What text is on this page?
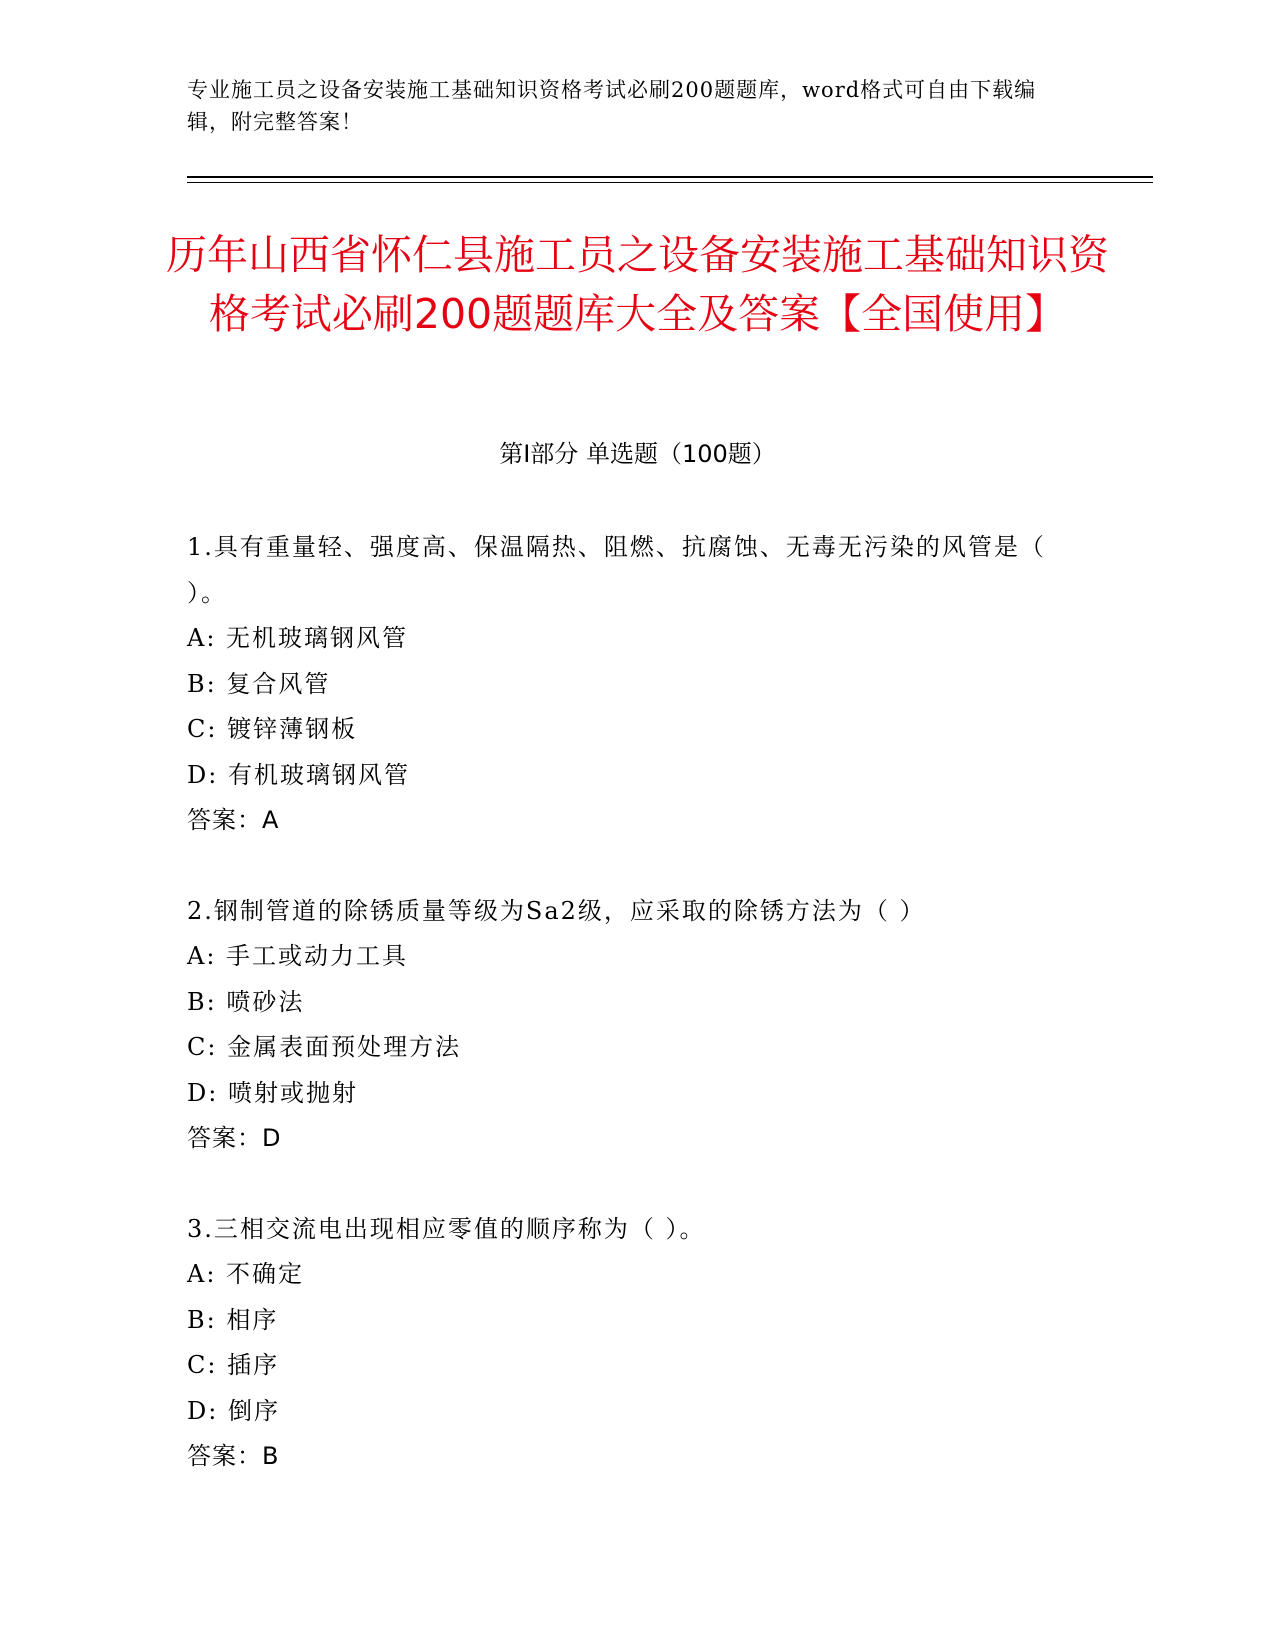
专业施工员之设备安装施工基础知识资格考试必刷200题题库，word格式可自由下载编辑，附完整答案！
历年山西省怀仁县施工员之设备安装施工基础知识资格考试必刷200题题库大全及答案【全国使用】
第Ⅰ部分 单选题（100题）
1.具有重量轻、强度高、保温隔热、阻燃、抗腐蚀、无毒无污染的风管是（ ）。
A: 无机玻璃钢风管
B: 复合风管
C: 镀锌薄钢板
D: 有机玻璃钢风管
答案：A
2.钢制管道的除锈质量等级为Sa2级，应采取的除锈方法为（ ）
A: 手工或动力工具
B: 喷砂法
C: 金属表面预处理方法
D: 喷射或抛射
答案：D
3.三相交流电出现相应零值的顺序称为（ ）。
A: 不确定
B: 相序
C: 插序
D: 倒序
答案：B
